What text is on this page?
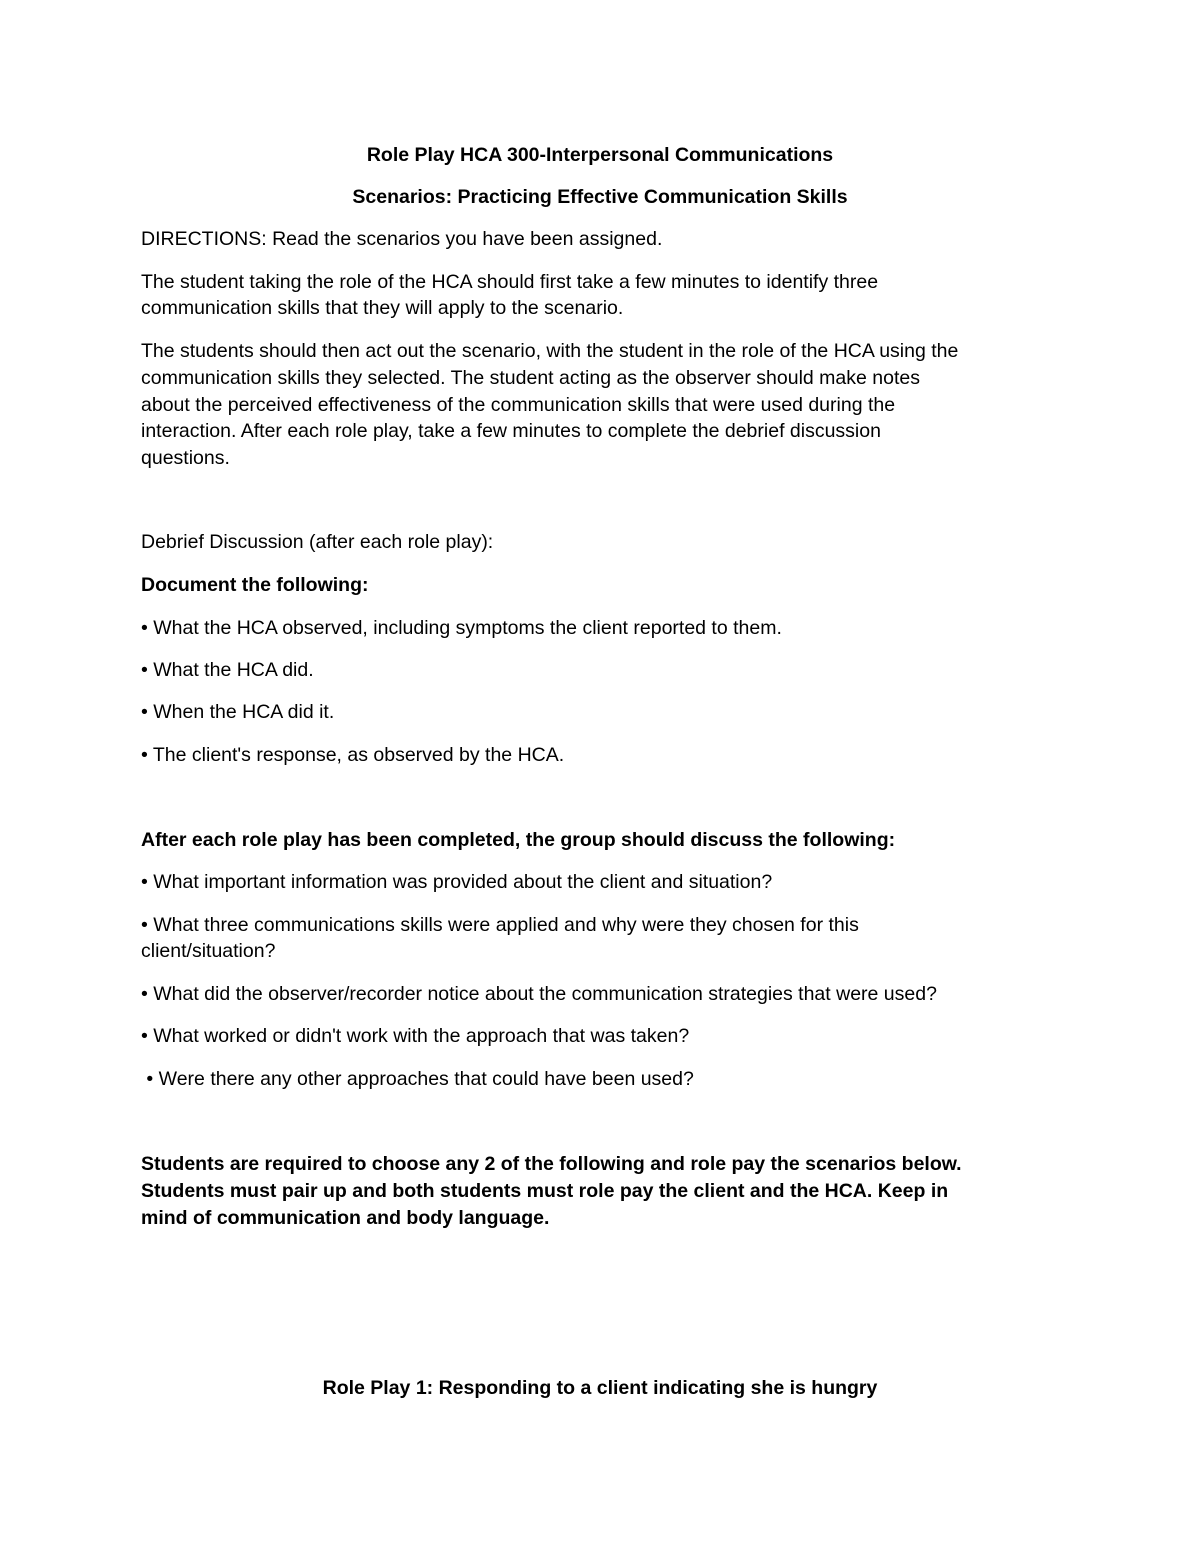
Role Play HCA 300-Interpersonal Communications

Scenarios: Practicing Effective Communication Skills

DIRECTIONS: Read the scenarios you have been assigned.

The student taking the role of the HCA should first take a few minutes to identify three

communication skills that they will apply to the scenario.

The students should then act out the scenario, with the student in the role of the HCA using the

communication skills they selected. The student acting as the observer should make notes

about the perceived effectiveness of the communication skills that were used during the

interaction. After each role play, take a few minutes to complete the debrief discussion

questions.

Debrief Discussion (after each role play):

Document the following:

• What the HCA observed, including symptoms the client reported to them.

• What the HCA did.

• When the HCA did it.

• The client's response, as observed by the HCA.

After each role play has been completed, the group should discuss the following:

• What important information was provided about the client and situation?

• What three communications skills were applied and why were they chosen for this

client/situation?

• What did the observer/recorder notice about the communication strategies that were used?

• What worked or didn't work with the approach that was taken?

• Were there any other approaches that could have been used?

Students are required to choose any 2 of the following and role pay the scenarios below.

Students must pair up and both students must role pay the client and the HCA. Keep in

mind of communication and body language.

Role Play 1: Responding to a client indicating she is hungry
